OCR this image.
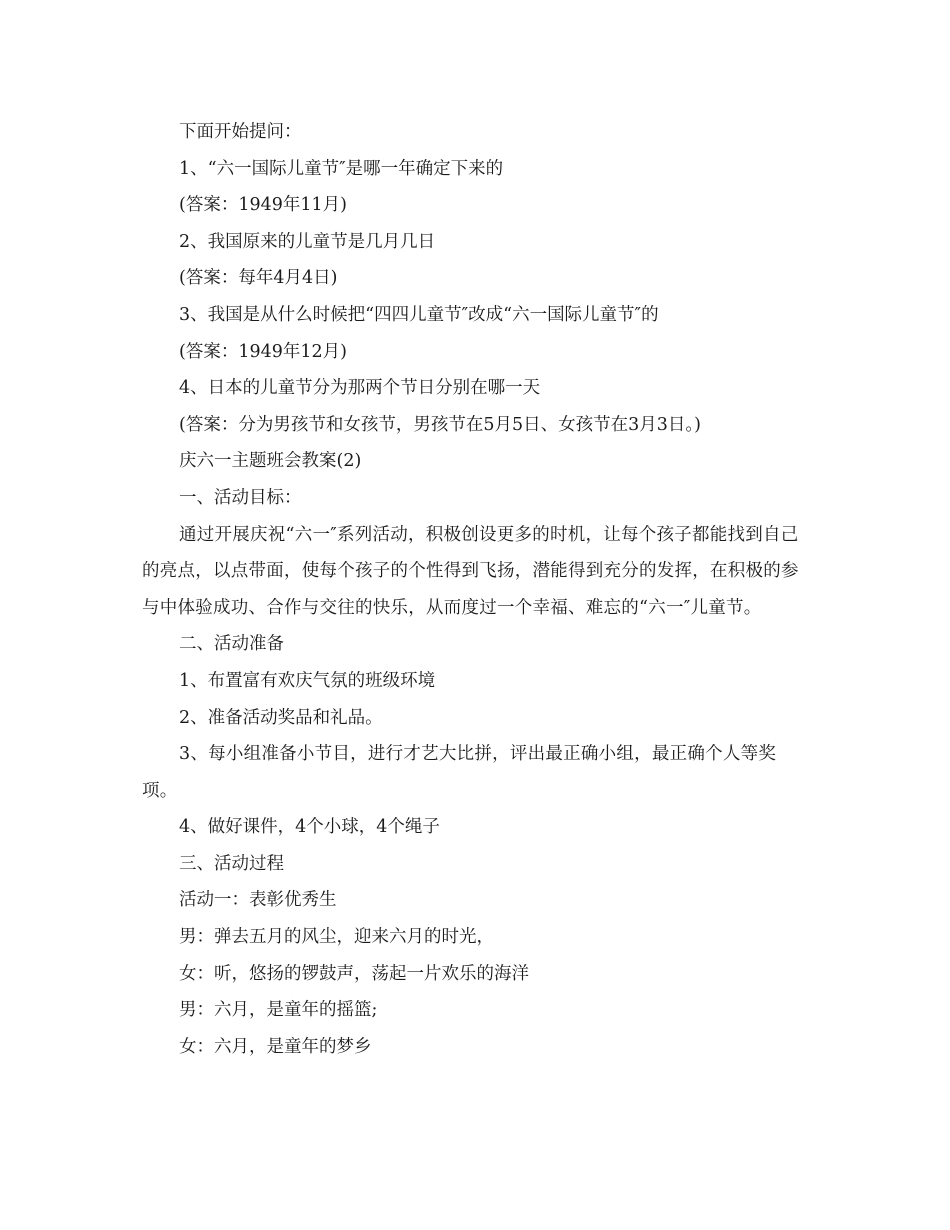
下面开始提问：

1、“六一国际儿童节″是哪一年确定下来的

(答案：1949年11月)

2、我国原来的儿童节是几月几日

(答案：每年4月4日)

3、我国是从什么时候把“四四儿童节″改成“六一国际儿童节″的

(答案：1949年12月)

4、日本的儿童节分为那两个节日分别在哪一天

(答案：分为男孩节和女孩节，男孩节在5月5日、女孩节在3月3日。)

庆六一主题班会教案(2)

一、活动目标：

通过开展庆祝“六一″系列活动，积极创设更多的时机，让每个孩子都能找到自己的亮点，以点带面，使每个孩子的个性得到飞扬，潜能得到充分的发挥，在积极的参与中体验成功、合作与交往的快乐，从而度过一个幸福、难忘的“六一″儿童节。

二、活动准备

1、布置富有欢庆气氛的班级环境

2、准备活动奖品和礼品。

3、每小组准备小节目，进行才艺大比拼，评出最正确小组，最正确个人等奖项。

4、做好课件，4个小球，4个绳子

三、活动过程

活动一：表彰优秀生

男：弹去五月的风尘，迎来六月的时光，

女：听，悠扬的锣鼓声，荡起一片欢乐的海洋

男：六月，是童年的摇篮;

女：六月，是童年的梦乡
